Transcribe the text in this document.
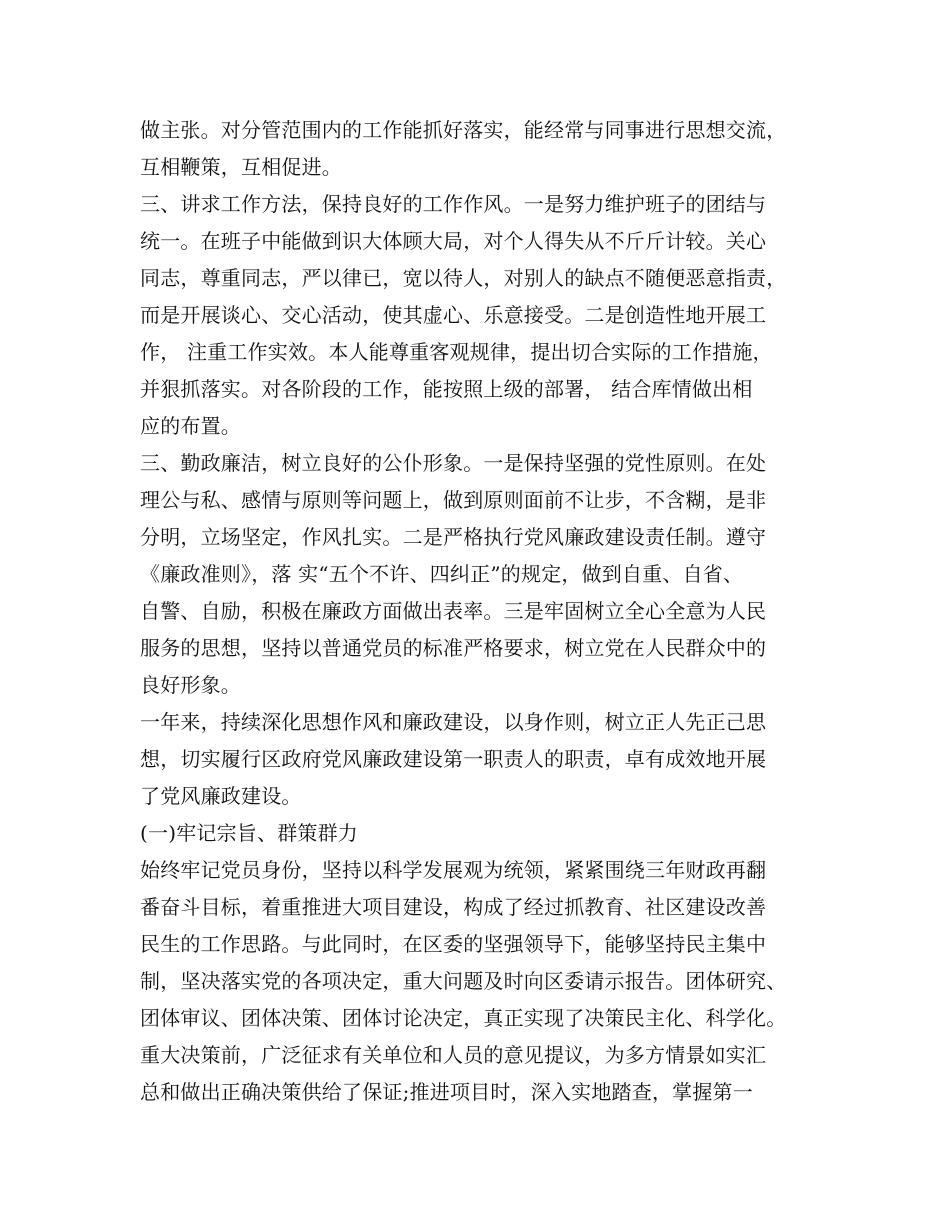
做主张。对分管范围内的工作能抓好落实，能经常与同事进行思想交流，
互相鞭策，互相促进。
三、讲求工作方法，保持良好的工作作风。一是努力维护班子的团结与
统一。在班子中能做到识大体顾大局，对个人得失从不斤斤计较。关心
同志，尊重同志，严以律已，宽以待人，对别人的缺点不随便恶意指责，
而是开展谈心、交心活动，使其虚心、乐意接受。二是创造性地开展工
作， 注重工作实效。本人能尊重客观规律，提出切合实际的工作措施，
并狠抓落实。对各阶段的工作，能按照上级的部署， 结合库情做出相
应的布置。
三、勤政廉洁，树立良好的公仆形象。一是保持坚强的党性原则。在处
理公与私、感情与原则等问题上，做到原则面前不让步，不含糊，是非
分明，立场坚定，作风扎实。二是严格执行党风廉政建设责任制。遵守
《廉政准则》，落 实“五个不许、四纠正”的规定，做到自重、自省、
自警、自励，积极在廉政方面做出表率。三是牢固树立全心全意为人民
服务的思想，坚持以普通党员的标准严格要求，树立党在人民群众中的
良好形象。
一年来，持续深化思想作风和廉政建设，以身作则，树立正人先正己思
想，切实履行区政府党风廉政建设第一职责人的职责，卓有成效地开展
了党风廉政建设。
(一)牢记宗旨、群策群力
始终牢记党员身份，坚持以科学发展观为统领，紧紧围绕三年财政再翻
番奋斗目标，着重推进大项目建设，构成了经过抓教育、社区建设改善
民生的工作思路。与此同时，在区委的坚强领导下，能够坚持民主集中
制，坚决落实党的各项决定，重大问题及时向区委请示报告。团体研究、
团体审议、团体决策、团体讨论决定，真正实现了决策民主化、科学化。
重大决策前，广泛征求有关单位和人员的意见提议，为多方情景如实汇
总和做出正确决策供给了保证;推进项目时，深入实地踏查，掌握第一
